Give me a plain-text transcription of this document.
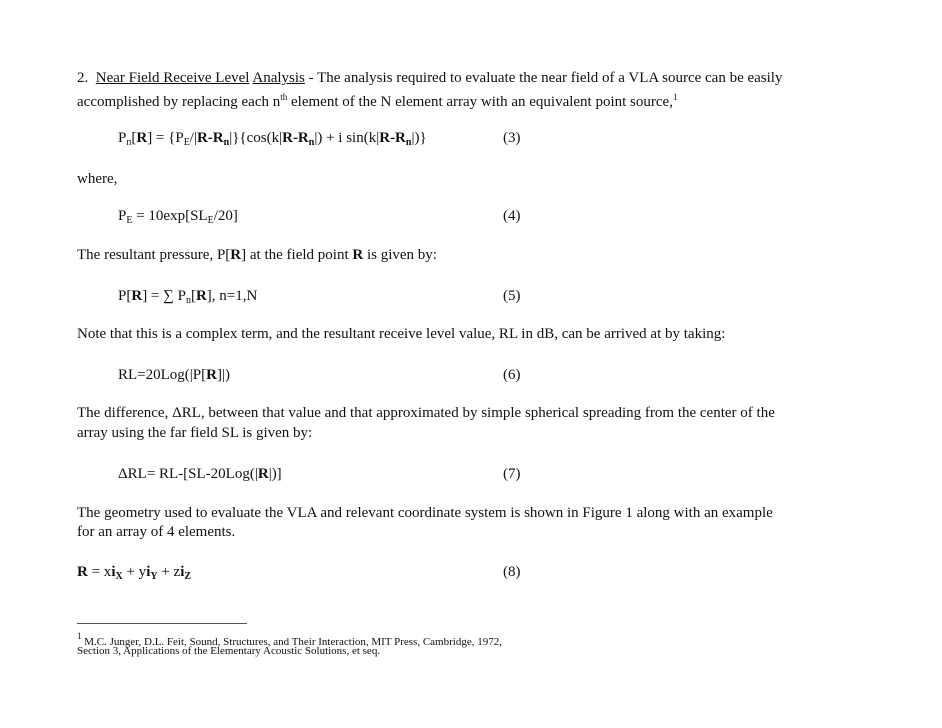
2. Near Field Receive Level Analysis - The analysis required to evaluate the near field of a VLA source can be easily
accomplished by replacing each $n^{th}$ element of the N element array with an equivalent point source,$^1$
$P_n[R] = \{P_E/|R-R_n|\}\{\cos(k|R-R_n|) + i$ $\sin(k|R-R_n|)$}	(3)
where,
$P_E = 10\exp[SL_E/20]$	(4)
The resultant pressure, P[R] at the field point R is given by:
P[R] = ∑ $P_n[R]$, n=1,N	(5)
Note that this is a complex term, and the resultant receive level value, RL in dB, can be arrived at by taking:
RL=20Log(|P[R]|)	(6)
The difference, ΔRL, between that value and that approximated by simple spherical spreading from the center of the
array using the far field SL is given by:
ΔRL= RL-[SL-20Log(|R|)]	(7)
The geometry used to evaluate the VLA and relevant coordinate system is shown in Figure 1 along with an example
for an array of 4 elements.
$R = xi_X + yi_Y + zi_Z$	(8)
$^1$ M.C. Junger, D.L. Feit, Sound, Structures, and Their Interaction, MIT Press, Cambridge, 1972,
Section 3, Applications of the Elementary Acoustic Solutions, et seq.
